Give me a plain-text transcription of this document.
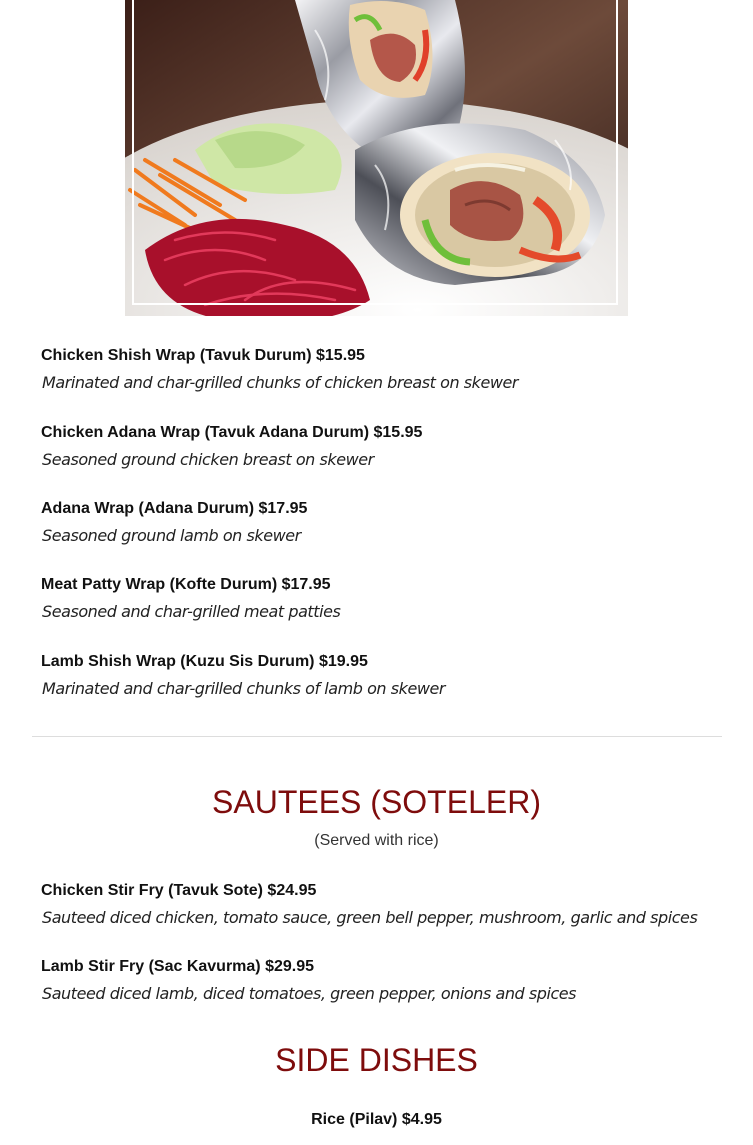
Chicken Shish Wrap (Tavuk Durum) $15.95

Marinated and char-grilled chunks of chicken breast on skewer

Chicken Adana Wrap (Tavuk Adana Durum) $15.95

Seasoned ground chicken breast on skewer

Adana Wrap (Adana Durum) $17.95

Seasoned ground lamb on skewer

Meat Patty Wrap (Kofte Durum) $17.95

Seasoned and char-grilled meat patties

Lamb Shish Wrap (Kuzu Sis Durum) $19.95

Marinated and char-grilled chunks of lamb on skewer

SAUTEES (SOTELER)
(Served with rice)

Chicken Stir Fry (Tavuk Sote) $24.95

Sauteed diced chicken, tomato sauce, green bell pepper, mushroom, garlic and spices

Lamb Stir Fry (Sac Kavurma) $29.95

Sauteed diced lamb, diced tomatoes, green pepper, onions and spices

SIDE DISHES
Rice (Pilav) $4.95
